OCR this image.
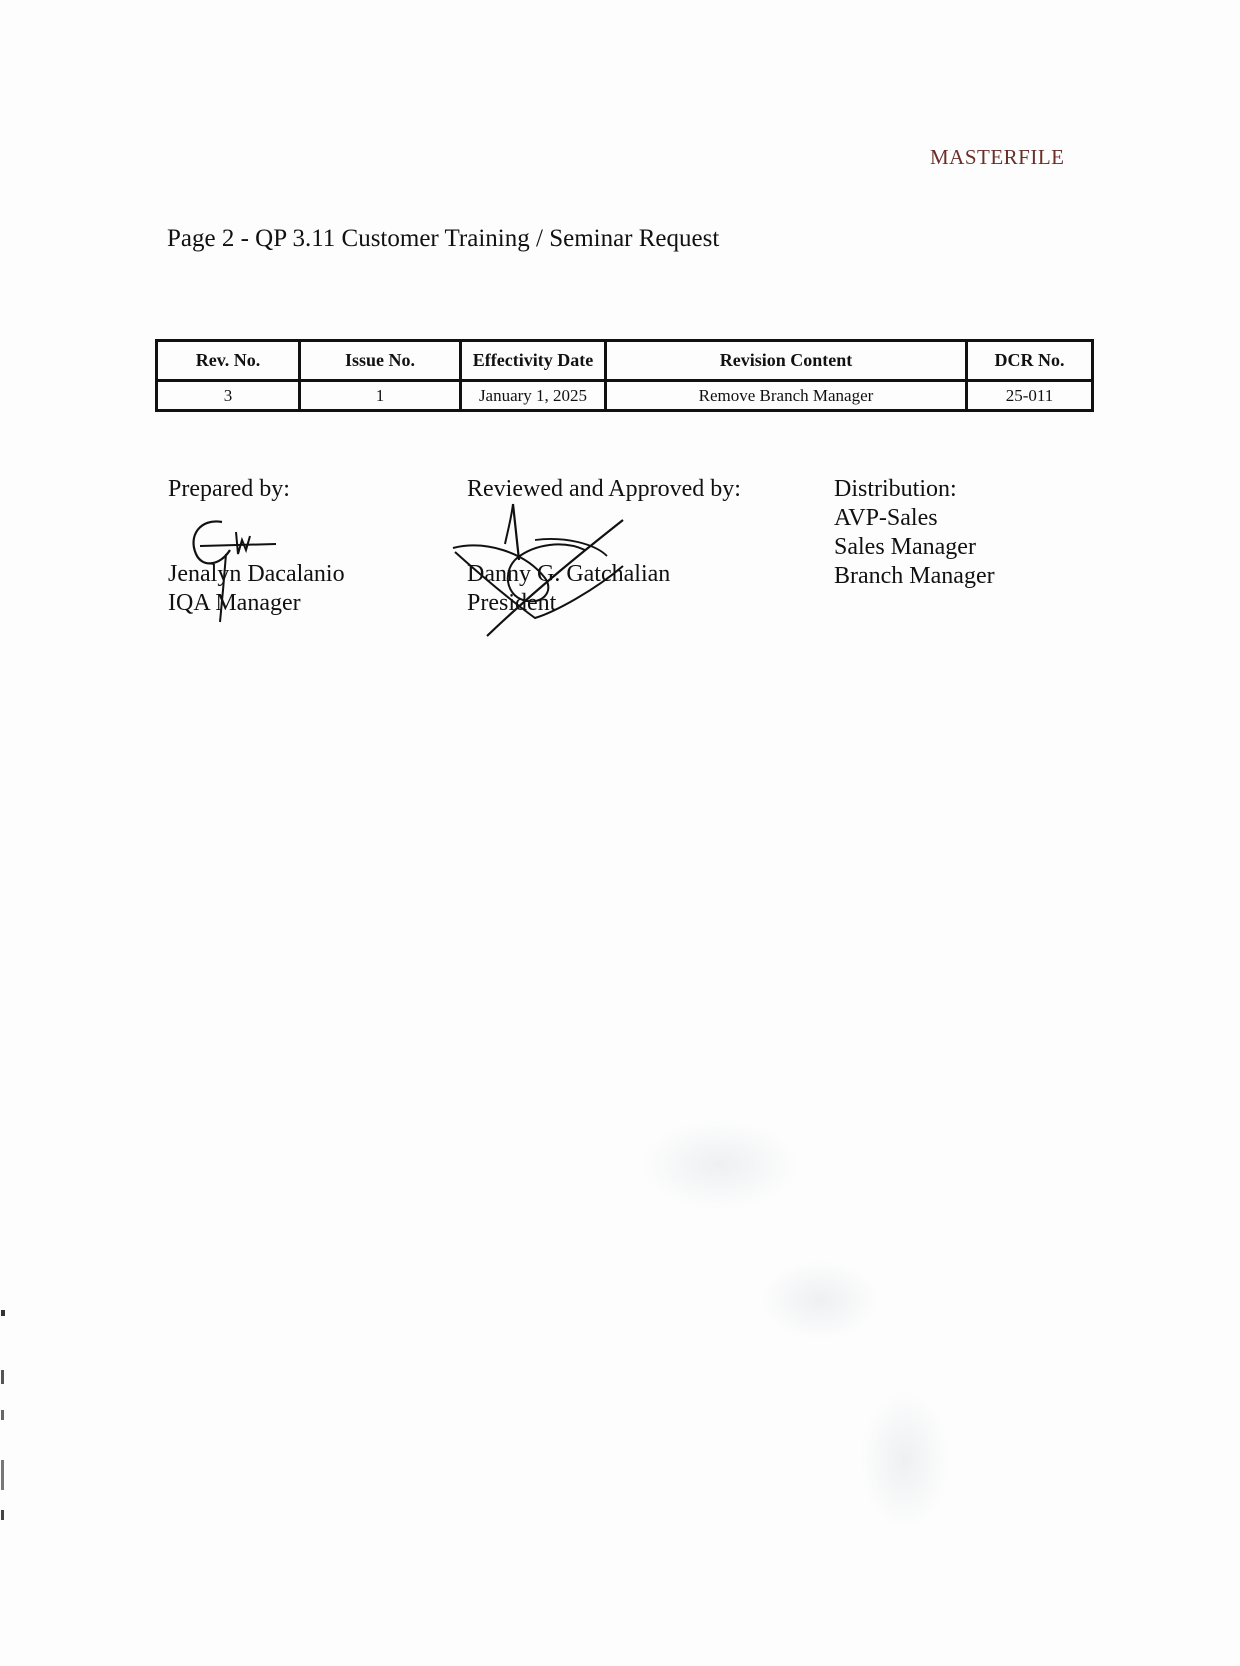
MASTERFILE
Page 2 - QP 3.11 Customer Training / Seminar Request
Rev. No.	Issue No.	Effectivity Date	Revision Content	DCR No.
3	1	January 1, 2025	Remove Branch Manager	25-011
Prepared by:
Jenalyn Dacalanio
IQA Manager
Reviewed and Approved by:
Danny G. Gatchalian
President
Distribution:
AVP-Sales
Sales Manager
Branch Manager
